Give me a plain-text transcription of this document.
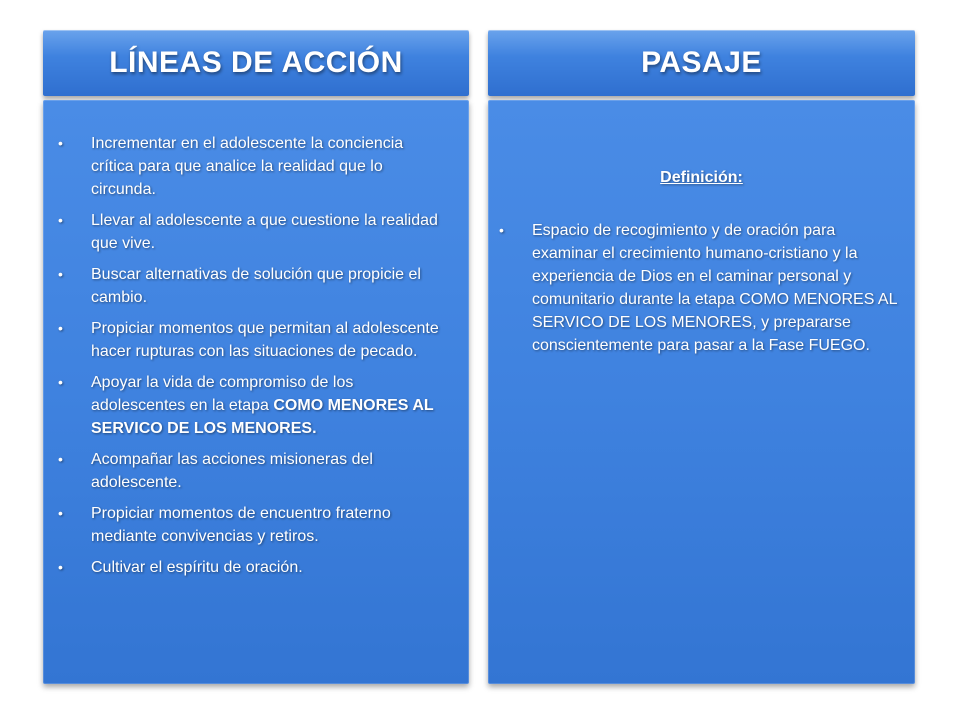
LÍNEAS DE ACCIÓN
• Incrementar en el adolescente la conciencia crítica para que analice la realidad que lo circunda.
• Llevar al adolescente a que cuestione la realidad que vive.
• Buscar alternativas de solución que propicie el cambio.
• Propiciar momentos que permitan al adolescente hacer rupturas con las situaciones de pecado.
• Apoyar la vida de compromiso de los adolescentes en la etapa COMO MENORES AL SERVICO DE LOS MENORES.
• Acompañar las acciones misioneras del adolescente.
• Propiciar momentos de encuentro fraterno mediante convivencias y retiros.
• Cultivar el espíritu de oración.
PASAJE
Definición:
• Espacio de recogimiento y de oración para examinar el crecimiento humano-cristiano y la experiencia de Dios en el caminar personal y comunitario durante la etapa COMO MENORES AL SERVICO DE LOS MENORES, y prepararse conscientemente para pasar a la Fase FUEGO.
